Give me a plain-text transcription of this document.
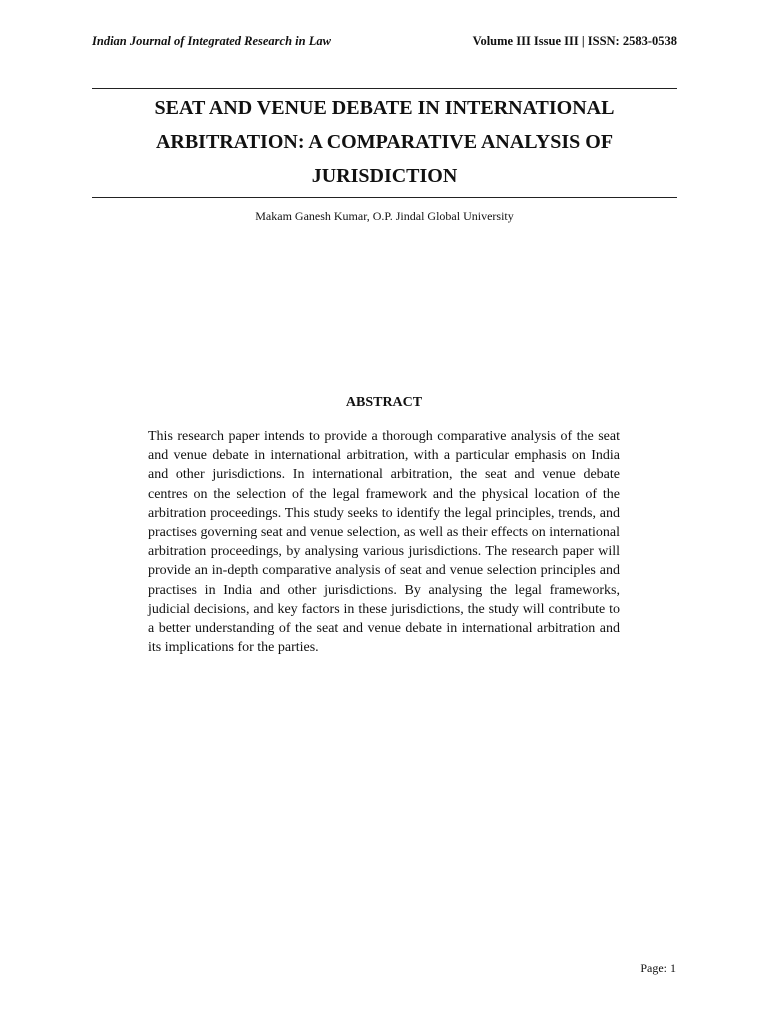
Indian Journal of Integrated Research in Law	Volume III Issue III | ISSN: 2583-0538
SEAT AND VENUE DEBATE IN INTERNATIONAL
ARBITRATION: A COMPARATIVE ANALYSIS OF
JURISDICTION
Makam Ganesh Kumar, O.P. Jindal Global University
ABSTRACT

This research paper intends to provide a thorough comparative analysis of the seat and venue debate in international arbitration, with a particular emphasis on India and other jurisdictions. In international arbitration, the seat and venue debate centres on the selection of the legal framework and the physical location of the arbitration proceedings. This study seeks to identify the legal principles, trends, and practises governing seat and venue selection, as well as their effects on international arbitration proceedings, by analysing various jurisdictions. The research paper will provide an in-depth comparative analysis of seat and venue selection principles and practises in India and other jurisdictions. By analysing the legal frameworks, judicial decisions, and key factors in these jurisdictions, the study will contribute to a better understanding of the seat and venue debate in international arbitration and its implications for the parties.

Page: 1
